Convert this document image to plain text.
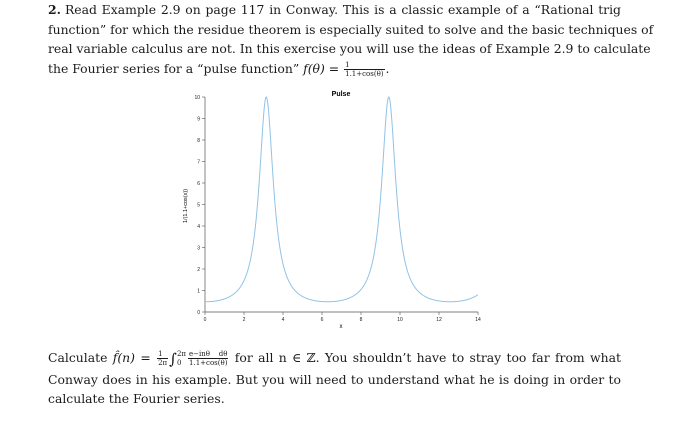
2. Read Example 2.9 on page 117 in Conway. This is a classic example of a “Rational trig
function” for which the residue theorem is especially suited to solve and the basic techniques of
real variable calculus are not. In this exercise you will use the ideas of Example 2.9 to calculate
the Fourier series for a “pulse function” $f(\theta) = \frac{1}{1.1+\cos(\theta)}$ .
Pulse
0
1
2
3
4
5
6
7
8
9
10
0	2	4	6	8	10	12	14
x
1/(1.1+cos(x))
Calculate f̂(n) = $\frac{1}{2\pi}$ ∫ 2π
$0 \frac{\text{e−inθ dθ}}{1.1+\cos(\theta)}$ for all n ∈ ℤ. You shouldn’t have to stray too far from what
Conway does in his example. But you will need to understand what he is doing in order to
calculate the Fourier series.
